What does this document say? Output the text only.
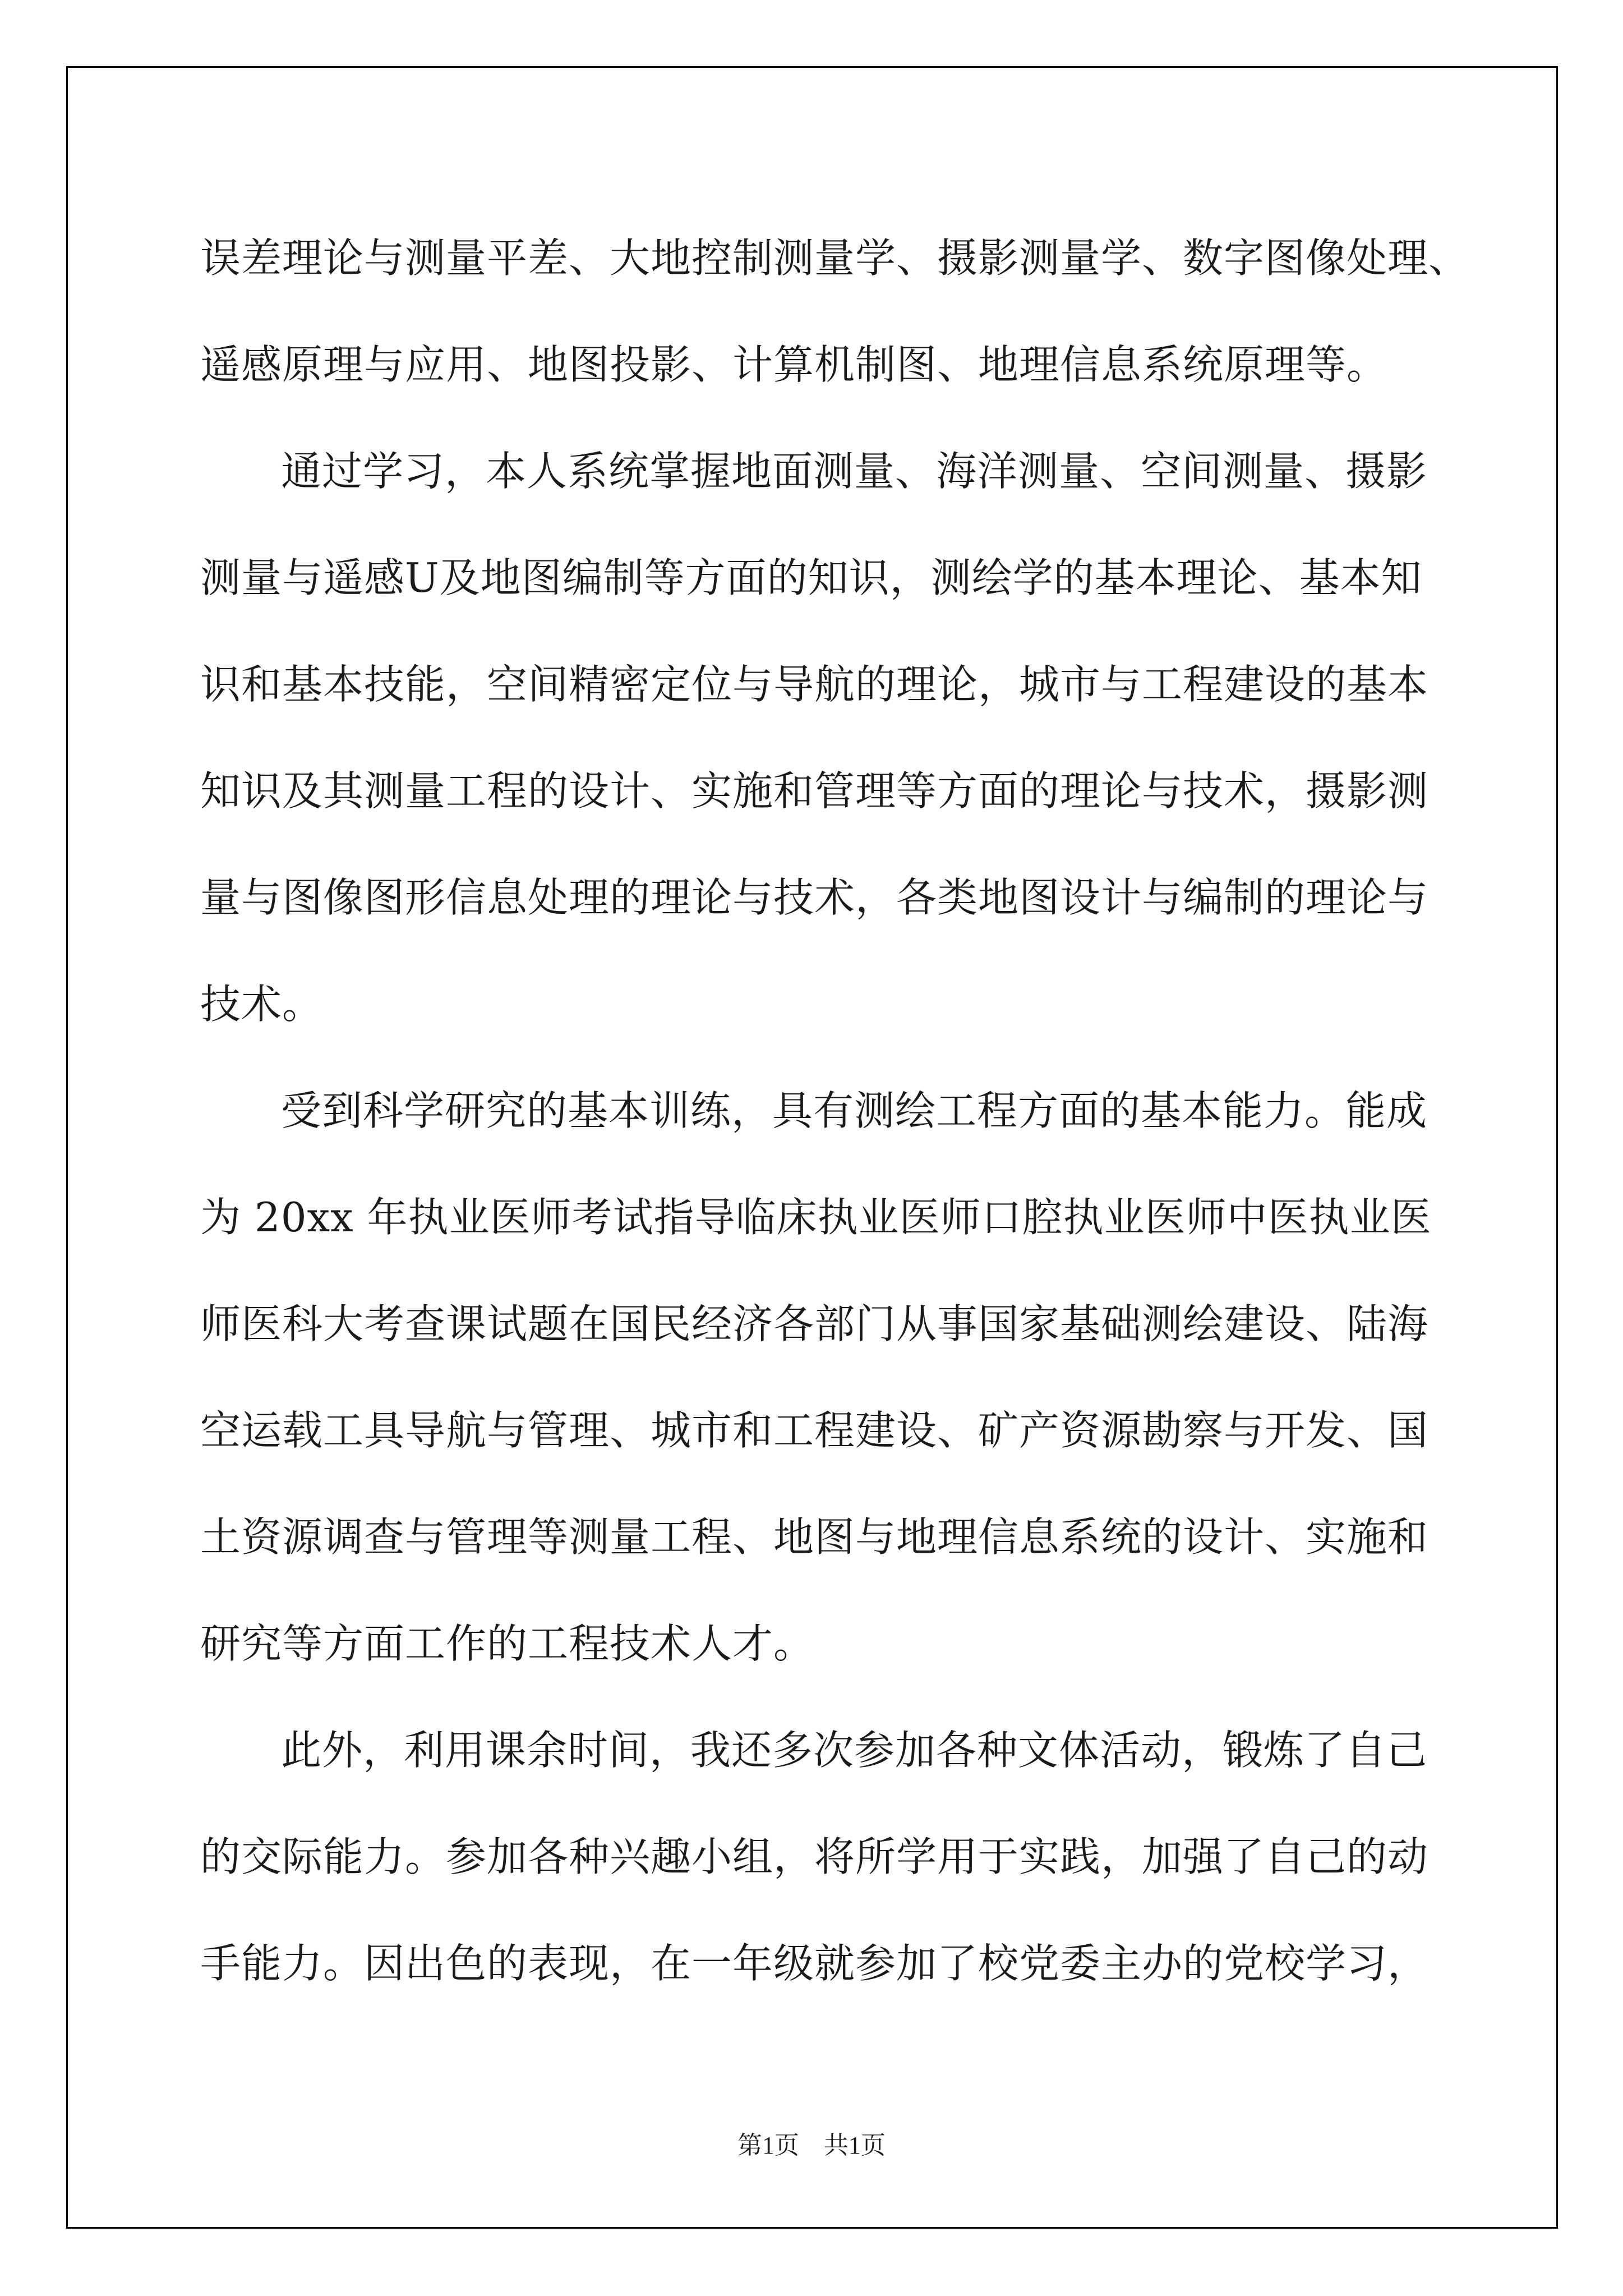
误差理论与测量平差、大地控制测量学、摄影测量学、数字图像处理、
遥感原理与应用、地图投影、计算机制图、地理信息系统原理等。
通过学习，本人系统掌握地面测量、海洋测量、空间测量、摄影
测量与遥感U及地图编制等方面的知识，测绘学的基本理论、基本知
识和基本技能，空间精密定位与导航的理论，城市与工程建设的基本
知识及其测量工程的设计、实施和管理等方面的理论与技术，摄影测
量与图像图形信息处理的理论与技术，各类地图设计与编制的理论与
技术。
受到科学研究的基本训练，具有测绘工程方面的基本能力。能成
为 20xx 年执业医师考试指导临床执业医师口腔执业医师中医执业医
师医科大考查课试题在国民经济各部门从事国家基础测绘建设、陆海
空运载工具导航与管理、城市和工程建设、矿产资源勘察与开发、国
土资源调查与管理等测量工程、地图与地理信息系统的设计、实施和
研究等方面工作的工程技术人才。
此外，利用课余时间，我还多次参加各种文体活动，锻炼了自己
的交际能力。参加各种兴趣小组，将所学用于实践，加强了自己的动
手能力。因出色的表现，在一年级就参加了校党委主办的党校学习，
第1页 共1页
